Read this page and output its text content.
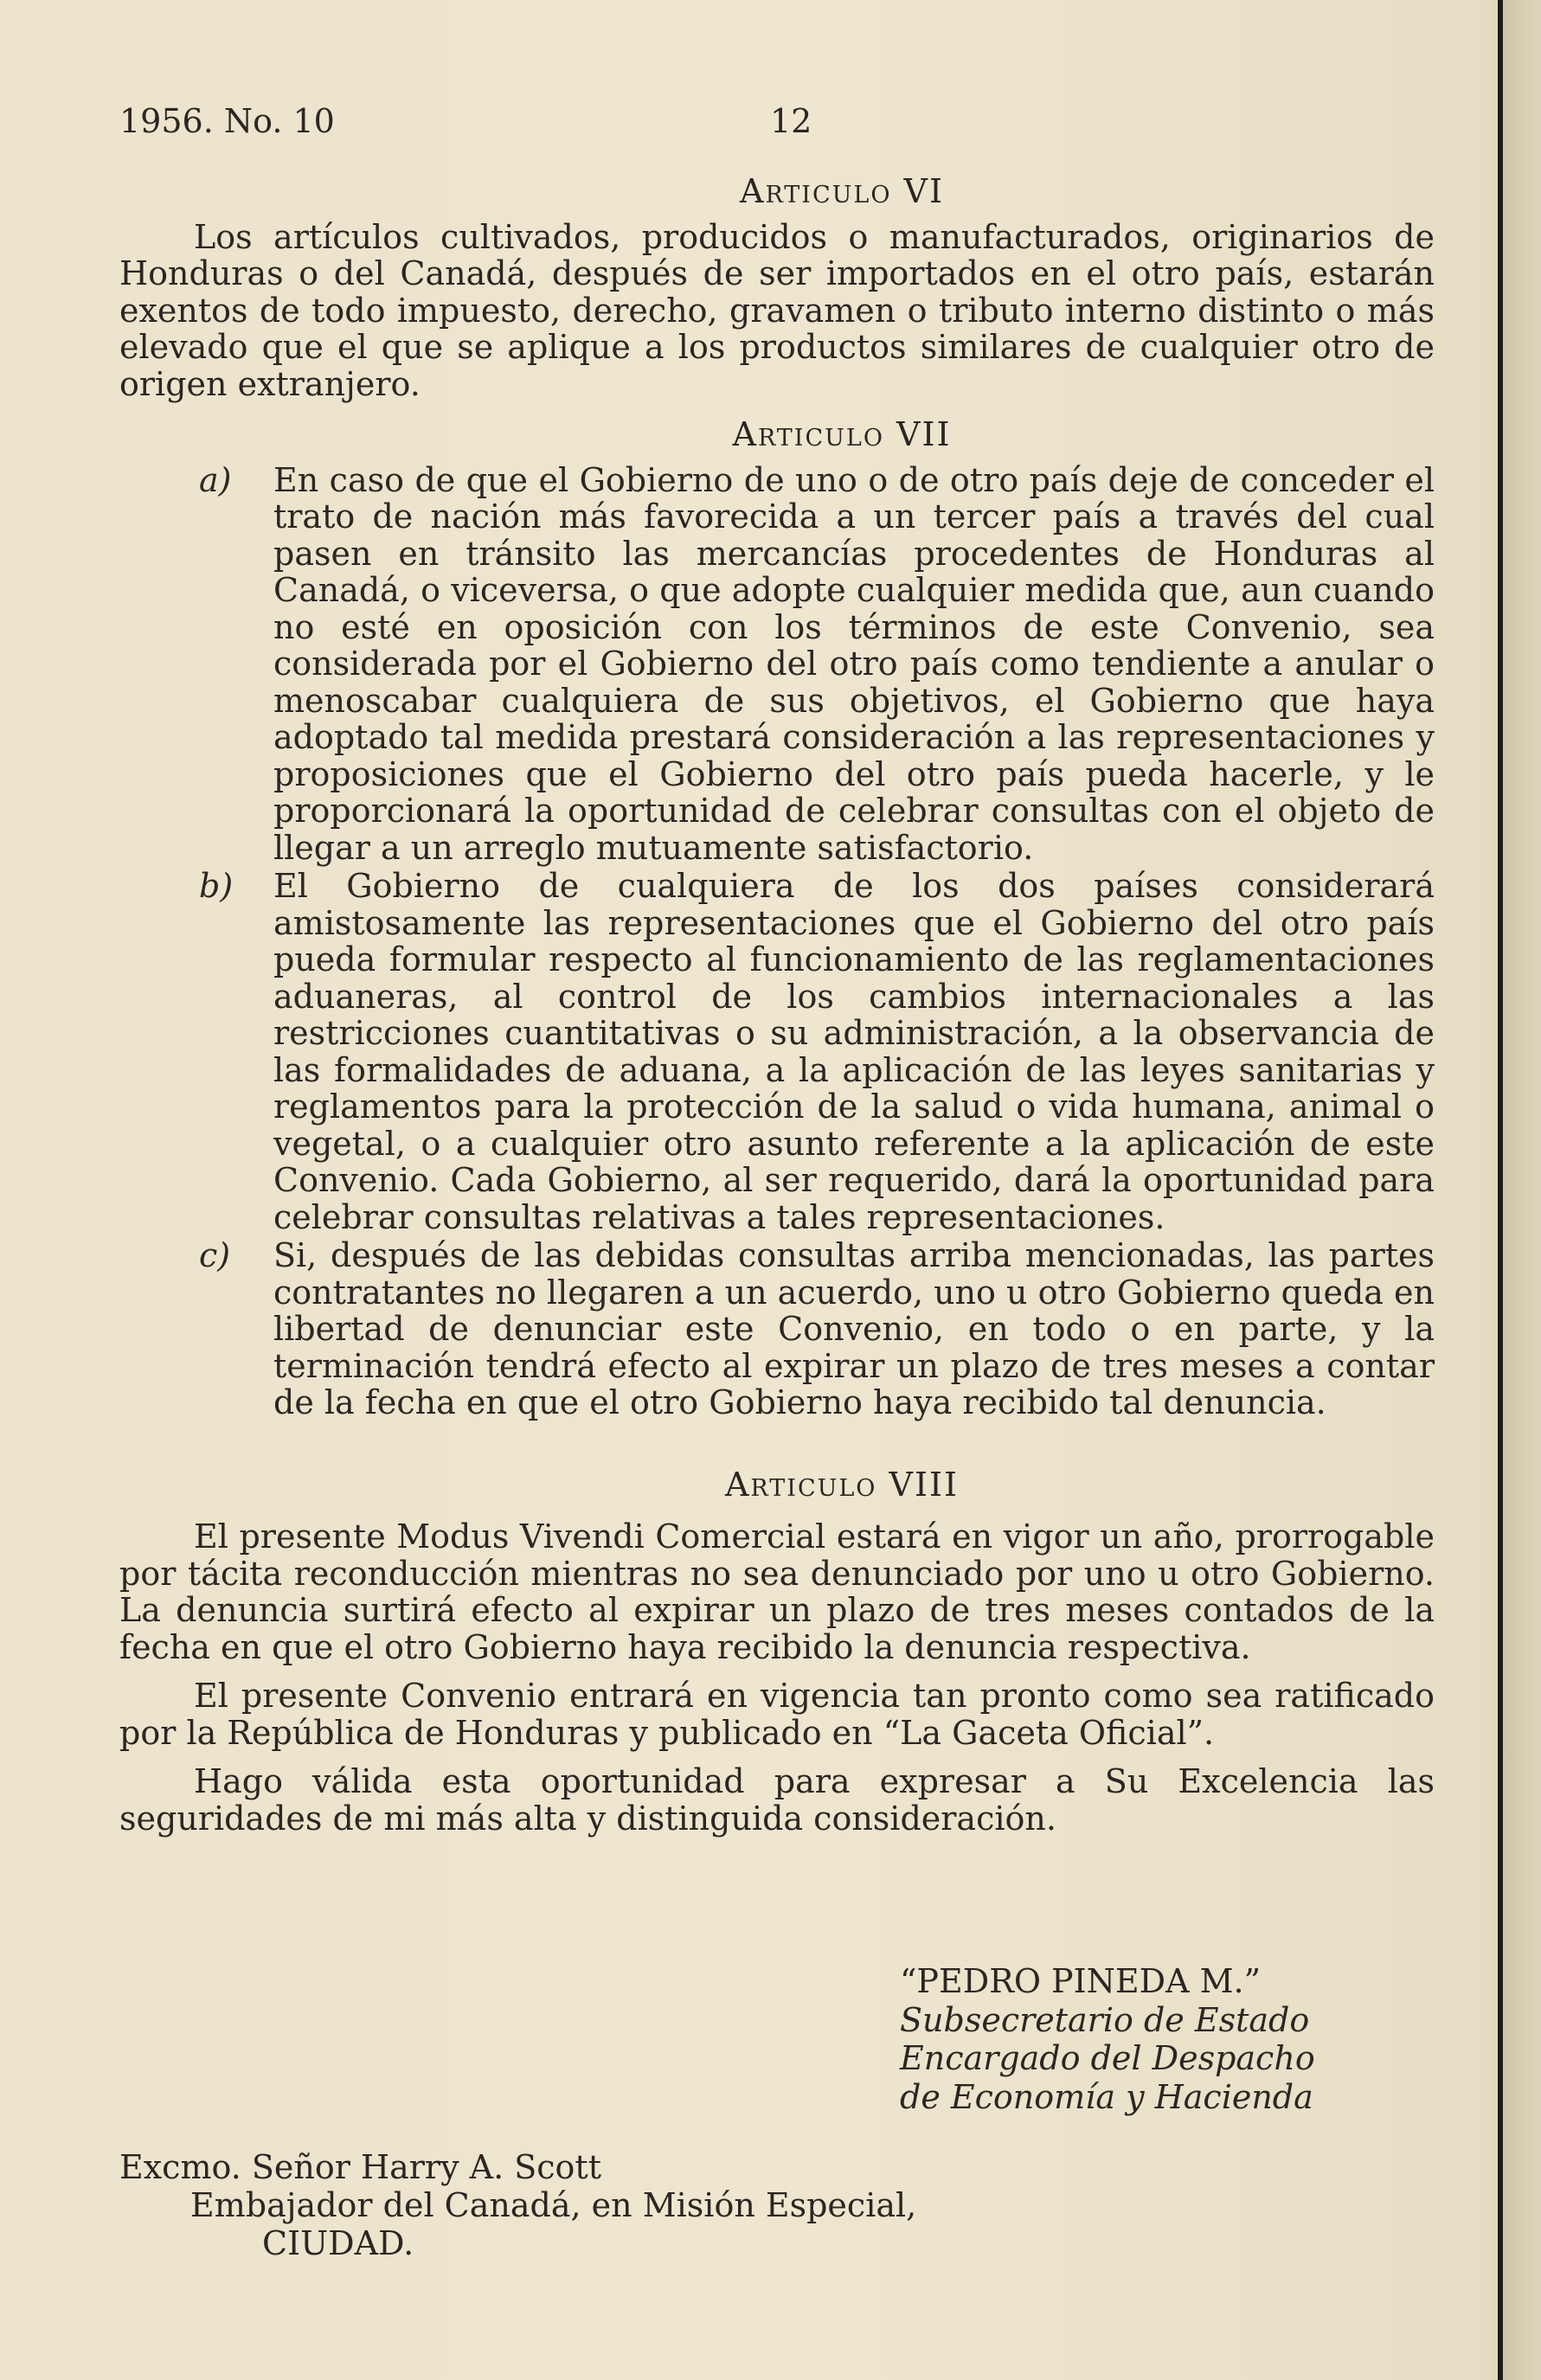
1956. No. 10	12
Articulo VI

Los artículos cultivados, producidos o manufacturados, originarios de Honduras o del Canadá, después de ser importados en el otro país, estarán exentos de todo impuesto, derecho, gravamen o tributo interno distinto o más elevado que el que se aplique a los productos similares de cualquier otro de origen extranjero.

Articulo VII
a) En caso de que el Gobierno de uno o de otro país deje de conceder el trato de nación más favorecida a un tercer país a través del cual pasen en tránsito las mercancías procedentes de Honduras al Canadá, o viceversa, o que adopte cualquier medida que, aun cuando no esté en oposición con los términos de este Convenio, sea considerada por el Gobierno del otro país como tendiente a anular o menoscabar cualquiera de sus objetivos, el Gobierno que haya adoptado tal medida prestará consideración a las representaciones y proposiciones que el Gobierno del otro país pueda hacerle, y le proporcionará la oportunidad de celebrar consultas con el objeto de llegar a un arreglo mutuamente satisfactorio.
b) El Gobierno de cualquiera de los dos países considerará amistosamente las representaciones que el Gobierno del otro país pueda formular respecto al funcionamiento de las reglamentaciones aduaneras, al control de los cambios internacionales a las restricciones cuantitativas o su administración, a la observancia de las formalidades de aduana, a la aplicación de las leyes sanitarias y reglamentos para la protección de la salud o vida humana, animal o vegetal, o a cualquier otro asunto referente a la aplicación de este Convenio. Cada Gobierno, al ser requerido, dará la oportunidad para celebrar consultas relativas a tales representaciones.
c) Si, después de las debidas consultas arriba mencionadas, las partes contratantes no llegaren a un acuerdo, uno u otro Gobierno queda en libertad de denunciar este Convenio, en todo o en parte, y la terminación tendrá efecto al expirar un plazo de tres meses a contar de la fecha en que el otro Gobierno haya recibido tal denuncia.
Articulo VIII

El presente Modus Vivendi Comercial estará en vigor un año, prorrogable por tácita reconducción mientras no sea denunciado por uno u otro Gobierno. La denuncia surtirá efecto al expirar un plazo de tres meses contados de la fecha en que el otro Gobierno haya recibido la denuncia respectiva.

El presente Convenio entrará en vigencia tan pronto como sea ratificado por la República de Honduras y publicado en “La Gaceta Oficial”.

Hago válida esta oportunidad para expresar a Su Excelencia las seguridades de mi más alta y distinguida consideración.

“PEDRO PINEDA M.”
Subsecretario de Estado
Encargado del Despacho
de Economía y Hacienda
Excmo. Señor Harry A. Scott
Embajador del Canadá, en Misión Especial,
CIUDAD.
